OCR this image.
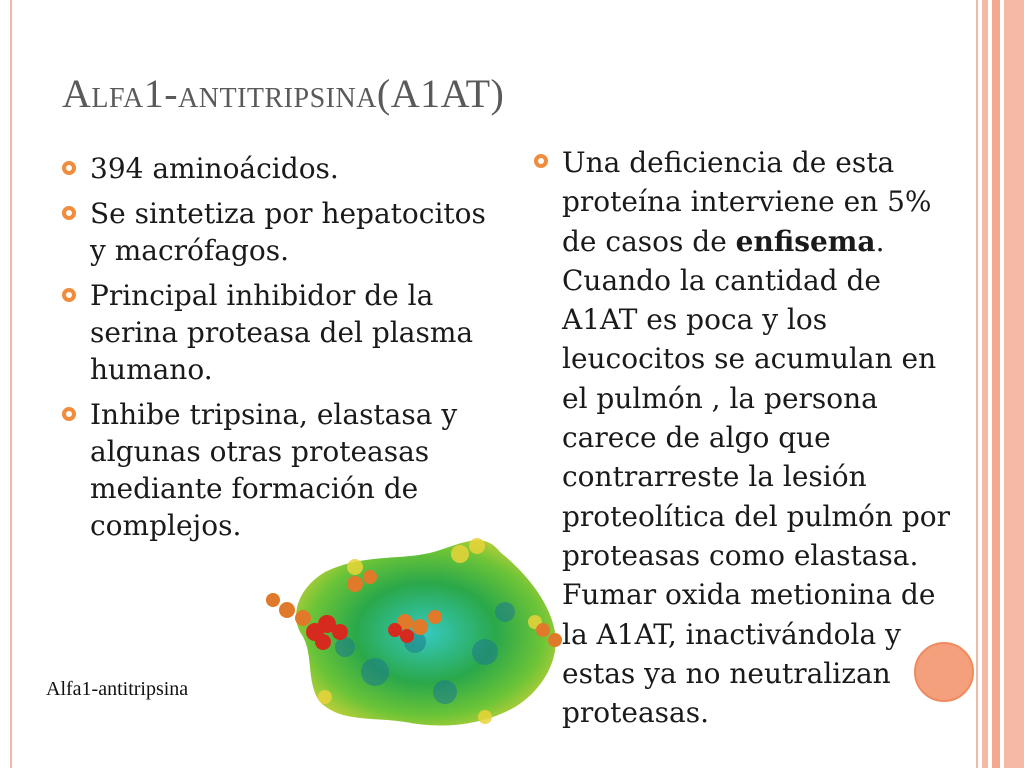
Alfa1-antitripsina(A1AT)
394 aminoácidos.
Se sintetiza por hepatocitos y macrófagos.
Principal inhibidor de la serina proteasa del plasma humano.
Inhibe tripsina, elastasa y algunas otras proteasas mediante formación de complejos.
Una deficiencia de esta proteína interviene en 5% de casos de enfisema. Cuando la cantidad de A1AT es poca y los leucocitos se acumulan en el pulmón , la persona carece de algo que contrarreste la lesión proteolítica del pulmón por proteasas como elastasa. Fumar oxida metionina de la A1AT, inactivándola y estas ya no neutralizan proteasas.
Alfa1-antitripsina
